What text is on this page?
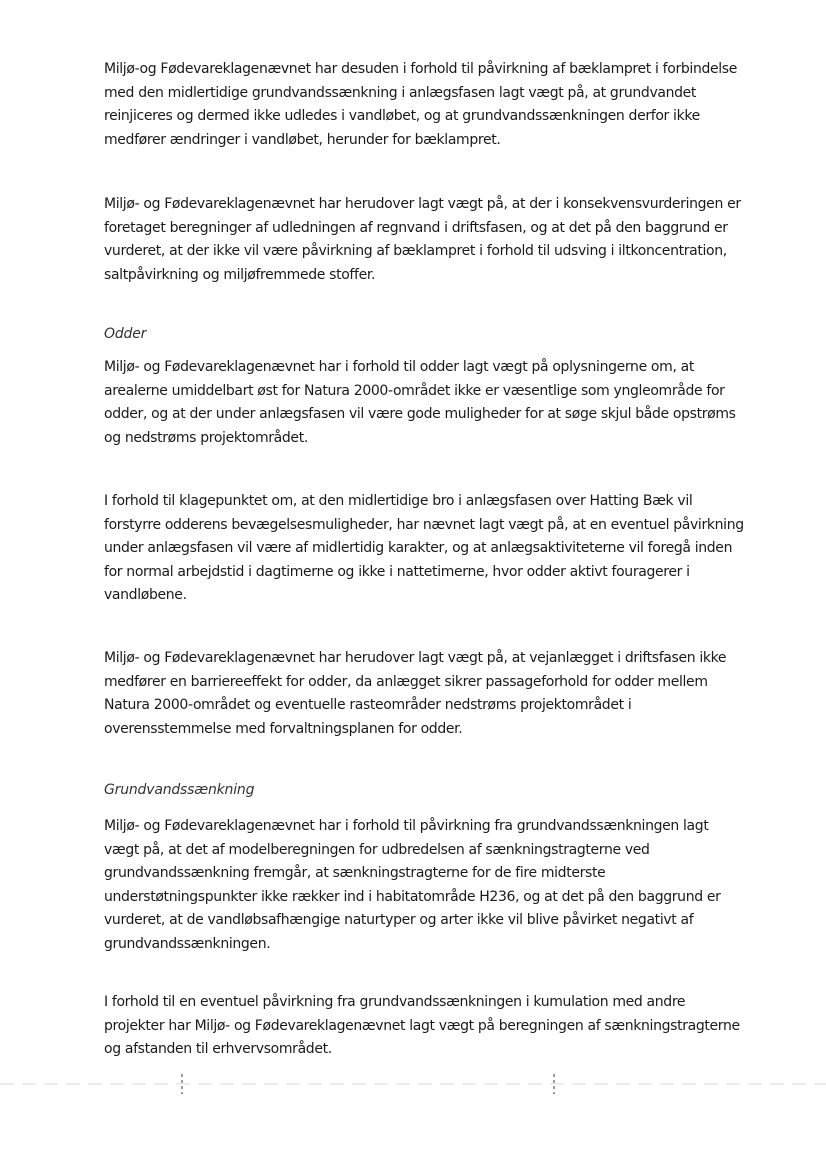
Miljø-og Fødevareklagenævnet har desuden i forhold til påvirkning af bæklampret i forbindelse med den midlertidige grundvandssænkning i anlægsfasen lagt vægt på, at grundvandet reinjiceres og dermed ikke udledes i vandløbet, og at grundvandssænkningen derfor ikke medfører ændringer i vandløbet, herunder for bæklampret.

Miljø- og Fødevareklagenævnet har herudover lagt vægt på, at der i konsekvensvurderingen er foretaget beregninger af udledningen af regnvand i driftsfasen, og at det på den baggrund er vurderet, at der ikke vil være påvirkning af bæklampret i forhold til udsving i iltkoncentration, saltpåvirkning og miljøfremmede stoffer.

Odder

Miljø- og Fødevareklagenævnet har i forhold til odder lagt vægt på oplysningerne om, at arealerne umiddelbart øst for Natura 2000-området ikke er væsentlige som yngleområde for odder, og at der under anlægsfasen vil være gode muligheder for at søge skjul både opstrøms og nedstrøms projektområdet.

I forhold til klagepunktet om, at den midlertidige bro i anlægsfasen over Hatting Bæk vil forstyrre odderens bevægelsesmuligheder, har nævnet lagt vægt på, at en eventuel påvirkning under anlægsfasen vil være af midlertidig karakter, og at anlægsaktiviteterne vil foregå inden for normal arbejdstid i dagtimerne og ikke i nattetimerne, hvor odder aktivt fouragerer i vandløbene.

Miljø- og Fødevareklagenævnet har herudover lagt vægt på, at vejanlægget i driftsfasen ikke medfører en barriereeffekt for odder, da anlægget sikrer passageforhold for odder mellem Natura 2000-området og eventuelle rasteområder nedstrøms projektområdet i overensstemmelse med forvaltningsplanen for odder.

Grundvandssænkning

Miljø- og Fødevareklagenævnet har i forhold til påvirkning fra grundvandssænkningen lagt vægt på, at det af modelberegningen for udbredelsen af sænkningstragterne ved grundvandssænkning fremgår, at sænkningstragterne for de fire midterste understøtningspunkter ikke rækker ind i habitatområde H236, og at det på den baggrund er vurderet, at de vandløbsafhængige naturtyper og arter ikke vil blive påvirket negativt af grundvandssænkningen.

I forhold til en eventuel påvirkning fra grundvandssænkningen i kumulation med andre projekter har Miljø- og Fødevareklagenævnet lagt vægt på beregningen af sænkningstragterne og afstanden til erhvervsområdet.
